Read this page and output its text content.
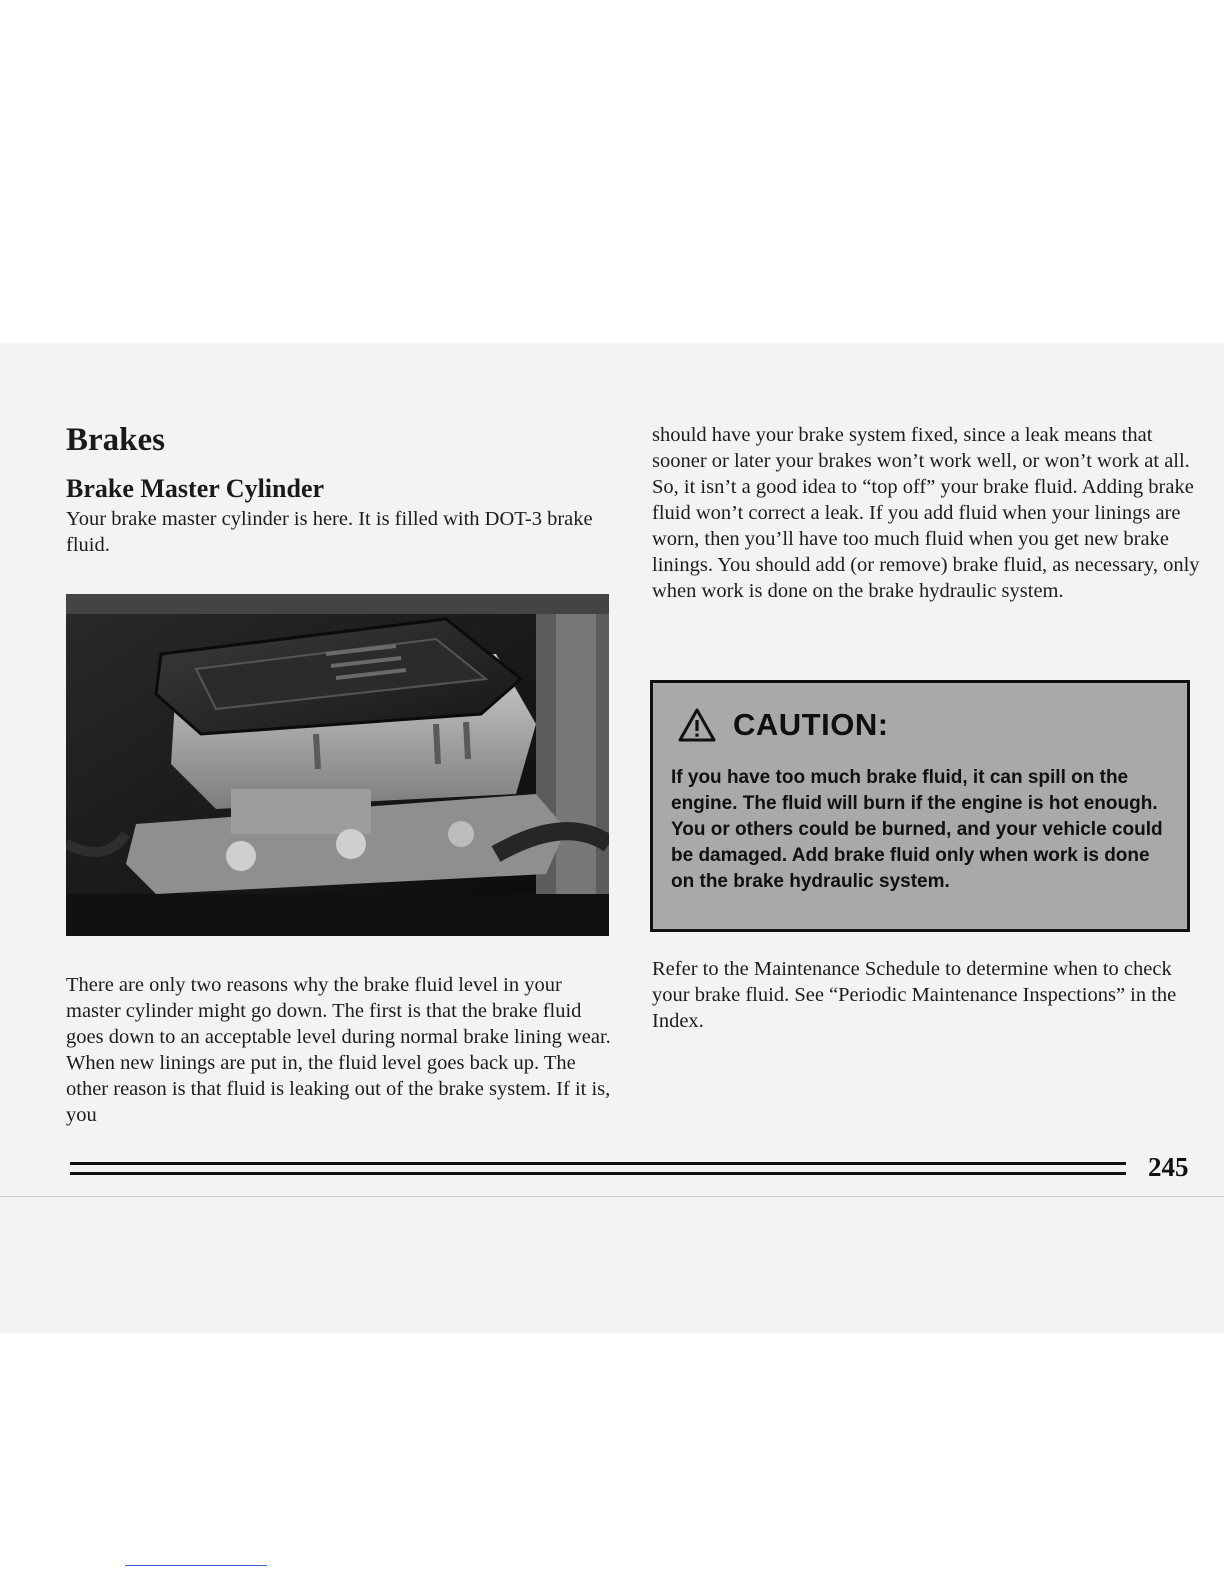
Brakes
Brake Master Cylinder

Your brake master cylinder is here. It is filled with DOT-3 brake fluid.

There are only two reasons why the brake fluid level in your master cylinder might go down. The first is that the brake fluid goes down to an acceptable level during normal brake lining wear. When new linings are put in, the fluid level goes back up. The other reason is that fluid is leaking out of the brake system. If it is, you

should have your brake system fixed, since a leak means that sooner or later your brakes won’t work well, or won’t work at all. So, it isn’t a good idea to “top off” your brake fluid. Adding brake fluid won’t correct a leak. If you add fluid when your linings are worn, then you’ll have too much fluid when you get new brake linings. You should add (or remove) brake fluid, as necessary, only when work is done on the brake hydraulic system.

CAUTION:

If you have too much brake fluid, it can spill on the engine. The fluid will burn if the engine is hot enough. You or others could be burned, and your vehicle could be damaged. Add brake fluid only when work is done on the brake hydraulic system.

Refer to the Maintenance Schedule to determine when to check your brake fluid. See “Periodic Maintenance Inspections” in the Index.

245
